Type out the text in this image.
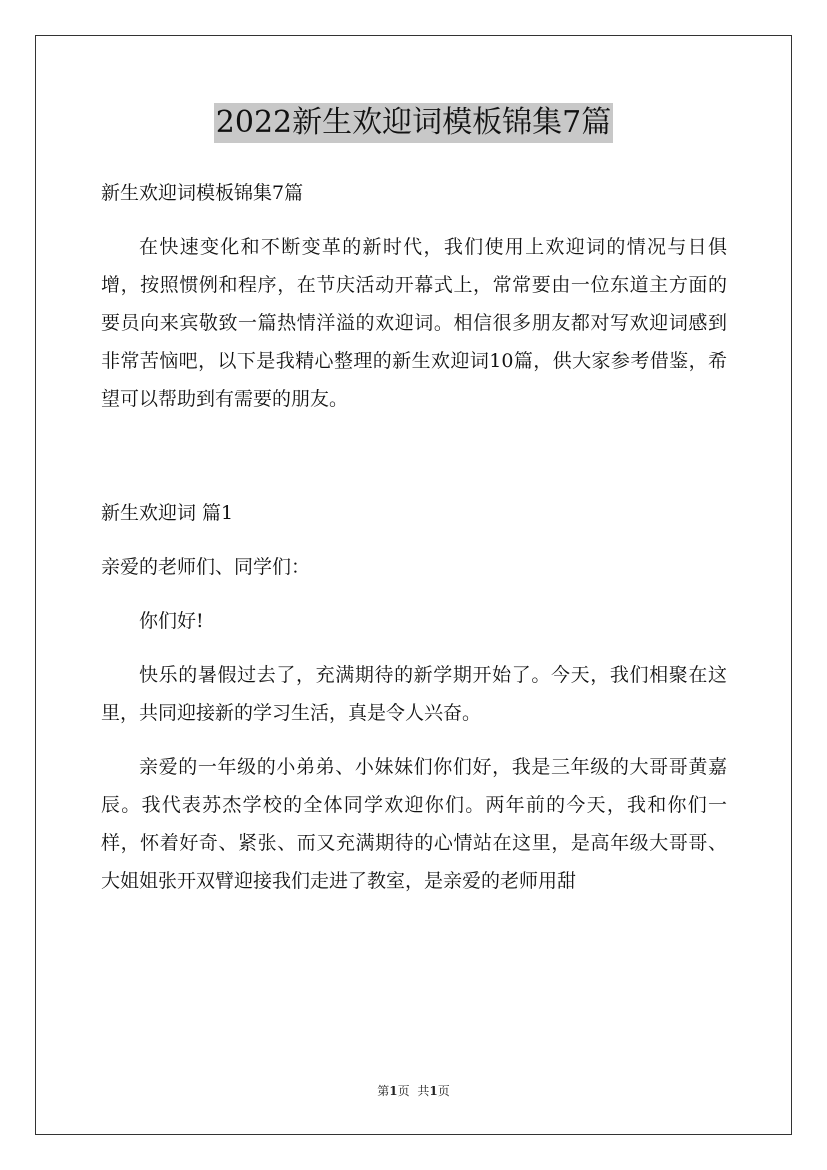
2022新生欢迎词模板锦集7篇

新生欢迎词模板锦集7篇

在快速变化和不断变革的新时代，我们使用上欢迎词的情况与日俱增，按照惯例和程序，在节庆活动开幕式上，常常要由一位东道主方面的要员向来宾敬致一篇热情洋溢的欢迎词。相信很多朋友都对写欢迎词感到非常苦恼吧，以下是我精心整理的新生欢迎词10篇，供大家参考借鉴，希望可以帮助到有需要的朋友。

新生欢迎词 篇1

亲爱的老师们、同学们：

你们好!

快乐的暑假过去了，充满期待的新学期开始了。今天，我们相聚在这里，共同迎接新的学习生活，真是令人兴奋。

亲爱的一年级的小弟弟、小妹妹们你们好，我是三年级的大哥哥黄嘉辰。我代表苏杰学校的全体同学欢迎你们。两年前的今天，我和你们一样，怀着好奇、紧张、而又充满期待的心情站在这里，是高年级大哥哥、大姐姐张开双臂迎接我们走进了教室，是亲爱的老师用甜

第1页 共1页
